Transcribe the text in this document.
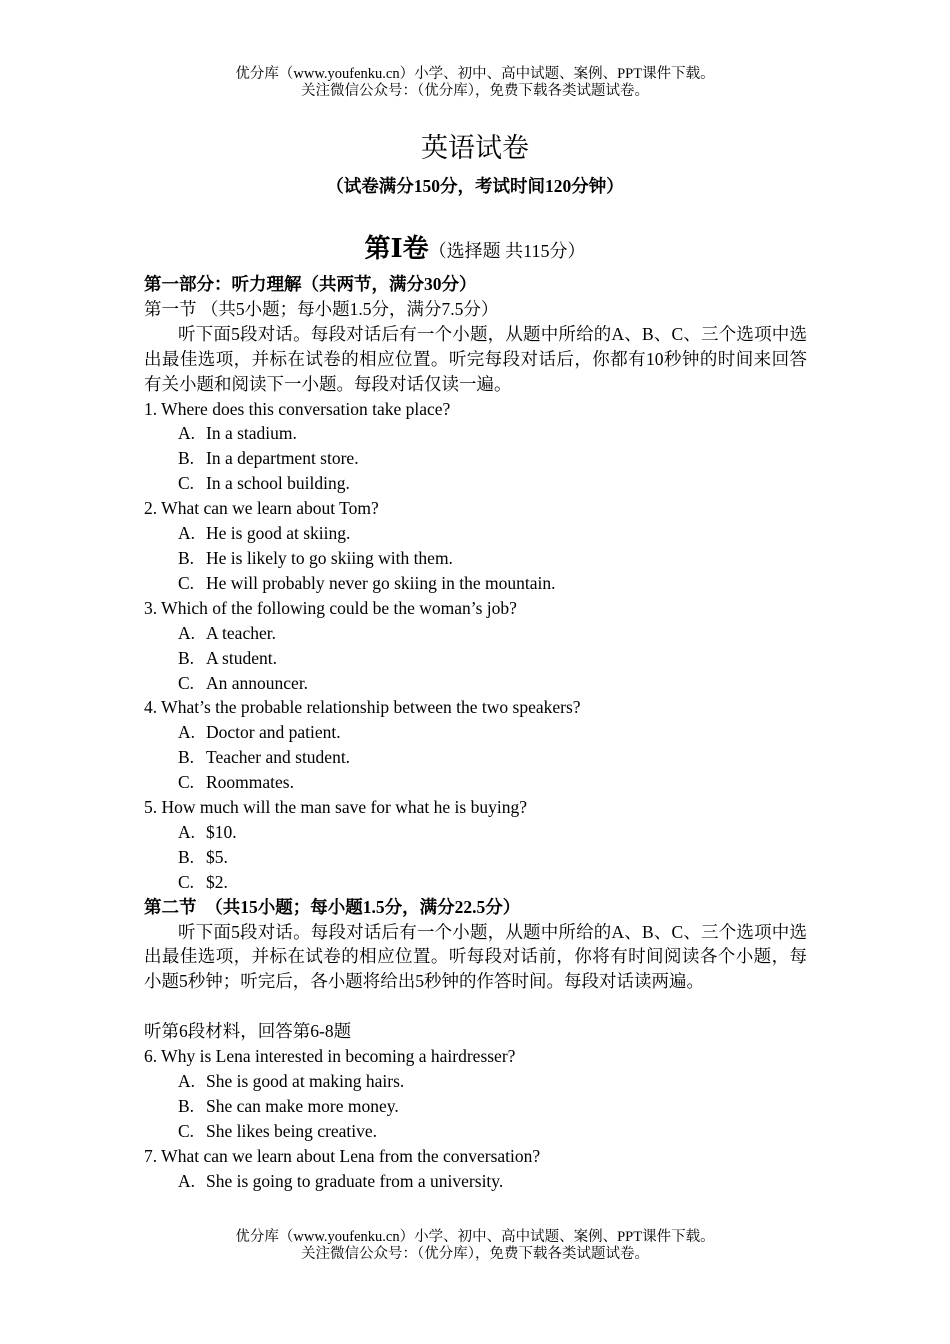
优分库（www.youfenku.cn）小学、初中、高中试题、案例、PPT课件下载。
关注微信公众号：（优分库），免费下载各类试题试卷。
英语试卷
（试卷满分150分，考试时间120分钟）
第Ⅰ卷（选择题 共115分）
第一部分：听力理解（共两节，满分30分）
第一节 （共5小题；每小题1.5分，满分7.5分）
听下面5段对话。每段对话后有一个小题，从题中所给的A、B、C、三个选项中选出最佳选项，并标在试卷的相应位置。听完每段对话后，你都有10秒钟的时间来回答有关小题和阅读下一小题。每段对话仅读一遍。
1. Where does this conversation take place?
A. In a stadium.
B. In a department store.
C. In a school building.
2. What can we learn about Tom?
A. He is good at skiing.
B. He is likely to go skiing with them.
C. He will probably never go skiing in the mountain.
3. Which of the following could be the woman’s job?
A. A teacher.
B. A student.
C. An announcer.
4. What’s the probable relationship between the two speakers?
A. Doctor and patient.
B. Teacher and student.
C. Roommates.
5. How much will the man save for what he is buying?
A. $10.
B. $5.
C. $2.
第二节　（共15小题；每小题1.5分，满分22.5分）
听下面5段对话。每段对话后有一个小题，从题中所给的A、B、C、三个选项中选出最佳选项，并标在试卷的相应位置。听每段对话前，你将有时间阅读各个小题，每小题5秒钟；听完后，各小题将给出5秒钟的作答时间。每段对话读两遍。
听第6段材料，回答第6-8题
6. Why is Lena interested in becoming a hairdresser?
A. She is good at making hairs.
B. She can make more money.
C. She likes being creative.
7. What can we learn about Lena from the conversation?
A. She is going to graduate from a university.
优分库（www.youfenku.cn）小学、初中、高中试题、案例、PPT课件下载。
关注微信公众号：（优分库），免费下载各类试题试卷。
